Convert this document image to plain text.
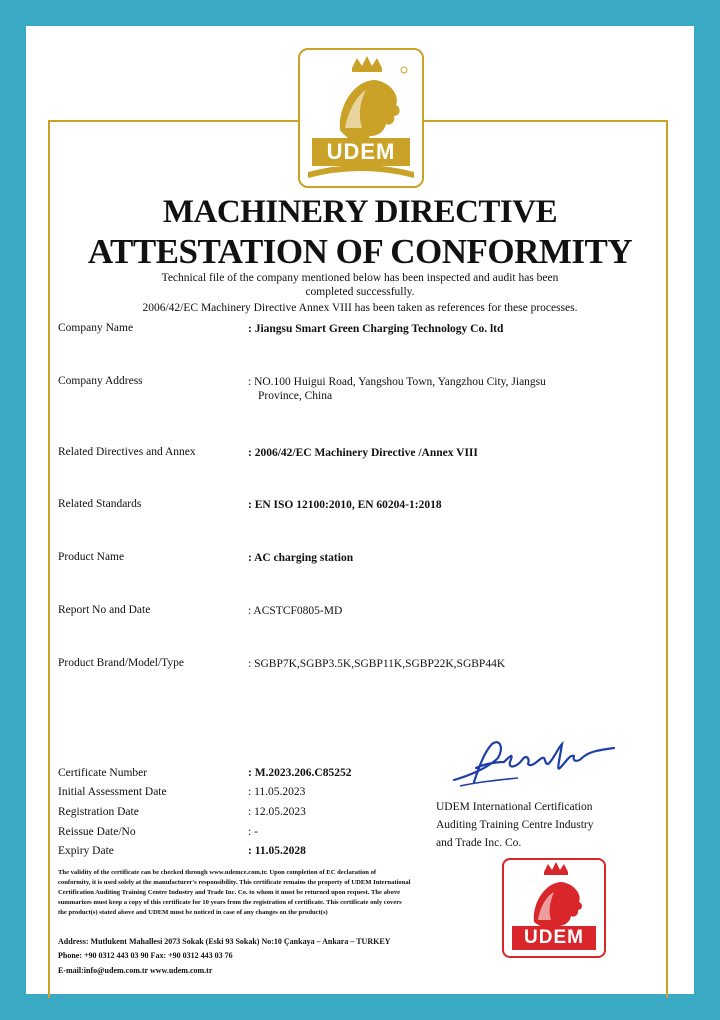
UDEM
MACHINERY DIRECTIVE
ATTESTATION OF CONFORMITY
Technical file of the company mentioned below has been inspected and audit has been
completed successfully.
2006/42/EC Machinery Directive Annex VIII has been taken as references for these processes.
Company Name	: Jiangsu Smart Green Charging Technology Co. ltd
Company Address	: NO.100 Huigui Road, Yangshou Town, Yangzhou City, Jiangsu
Province, China
Related Directives and Annex	: 2006/42/EC Machinery Directive /Annex VIII
Related Standards	: EN ISO 12100:2010, EN 60204-1:2018
Product Name	: AC charging station
Report No and Date	: ACSTCF0805-MD
Product Brand/Model/Type	: SGBP7K,SGBP3.5K,SGBP11K,SGBP22K,SGBP44K
Certificate Number	: M.2023.206.C85252
Initial Assessment Date	: 11.05.2023
Registration Date	: 12.05.2023
Reissue Date/No	: -
Expiry Date	: 11.05.2028
UDEM International Certification
Auditing Training Centre Industry
and Trade Inc. Co.
The validity of the certificate can be checked through www.udemce.com.tr. Upon completion of EC declaration of
conformity, it is used solely at the manufacturer's responsibility. This certificate remains the property of UDEM International
Certification Auditing Training Centre Industry and Trade Inc. Co. to whom it must be returned upon request. The above
summarizes must keep a copy of this certificate for 10 years from the registration of certificate. This certificate only covers
the product(s) stated above and UDEM must be noticed in case of any changes on the product(s)
Address: Mutlukent Mahallesi 2073 Sokak (Eski 93 Sokak) No:10 Çankaya – Ankara – TURKEY
Phone: +90 0312 443 03 90 Fax: +90 0312 443 03 76
E-mail:info@udem.com.tr www.udem.com.tr
UDEM
